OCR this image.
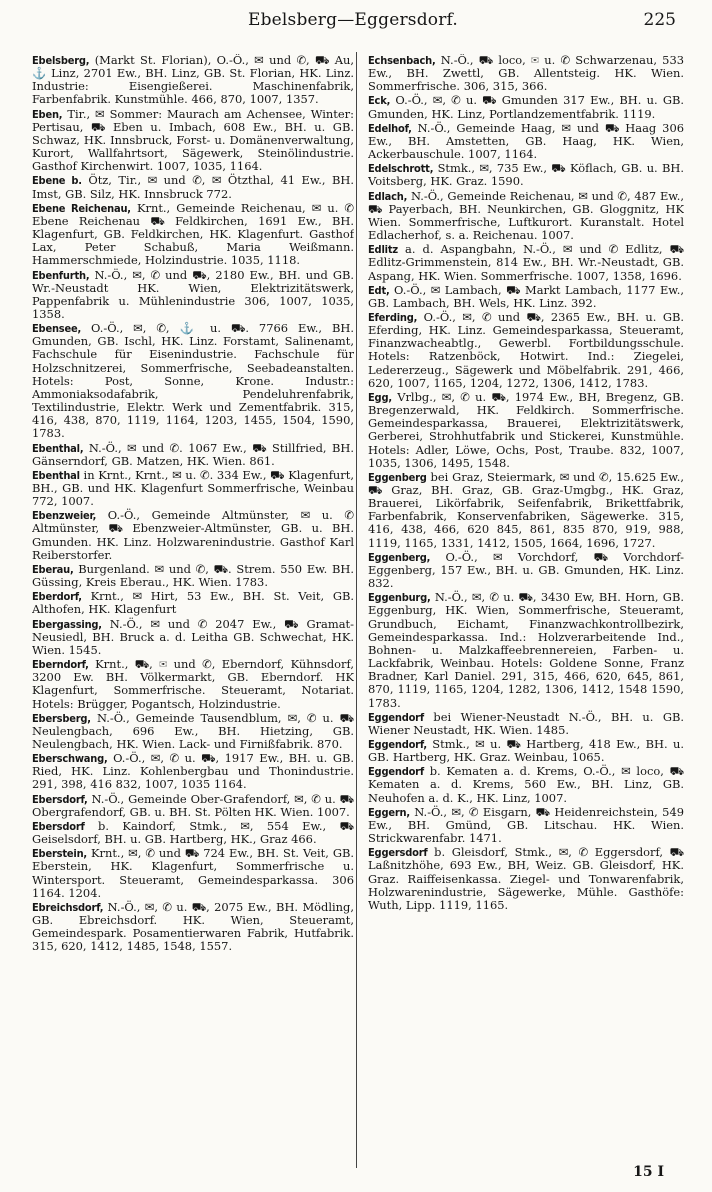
Ebelsberg—Eggersdorf.	225
Ebelsberg, (Markt St. Florian), O.-Ö., ✉ und ✆, ⛟ Au, ⚓ Linz, 2701 Ew., BH. Linz, GB. St. Florian, HK. Linz. Industrie: Eisengießerei. Maschinenfabrik, Farbenfabrik. Kunstmühle. 466, 870, 1007, 1357.
Eben, Tir., ✉ Sommer: Maurach am Achensee, Winter: Pertisau, ⛟ Eben u. Imbach, 608 Ew., BH. u. GB. Schwaz, HK. Innsbruck, Forst- u. Domänenverwaltung, Kurort, Wallfahrtsort, Sägewerk, Steinölindustrie. Gasthof Kirchenwirt. 1007, 1035, 1164.
Ebene b. Ötz, Tir., ✉ und ✆, ✉ Ötzthal, 41 Ew., BH. Imst, GB. Silz, HK. Innsbruck 772.
Ebene Reichenau, Krnt., Gemeinde Reichenau, ✉ u. ✆ Ebene Reichenau ⛟ Feldkirchen, 1691 Ew., BH. Klagenfurt, GB. Feldkirchen, HK. Klagenfurt. Gasthof Lax, Peter Schabuß, Maria Weißmann. Hammerschmiede, Holzindustrie. 1035, 1118.
Ebenfurth, N.-Ö., ✉, ✆ und ⛟, 2180 Ew., BH. und GB. Wr.-Neustadt HK. Wien, Elektrizitätswerk, Pappenfabrik u. Mühlenindustrie 306, 1007, 1035, 1358.
Ebensee, O.-Ö., ✉, ✆, ⚓ u. ⛟. 7766 Ew., BH. Gmunden, GB. Ischl, HK. Linz. Forstamt, Salinenamt, Fachschule für Eisenindustrie. Fachschule für Holzschnitzerei, Sommerfrische, Seebadeanstalten. Hotels: Post, Sonne, Krone. Industr.: Ammoniaksodafabrik, Pendeluhrenfabrik, Textilindustrie, Elektr. Werk und Zementfabrik. 315, 416, 438, 870, 1119, 1164, 1203, 1455, 1504, 1590, 1783.
Ebenthal, N.-Ö., ✉ und ✆. 1067 Ew., ⛟ Stillfried, BH. Gänserndorf, GB. Matzen, HK. Wien. 861.
Ebenthal in Krnt., Krnt., ✉ u. ✆. 334 Ew., ⛟ Klagenfurt, BH., GB. und HK. Klagenfurt Sommerfrische, Weinbau 772, 1007.
Ebenzweier, O.-Ö., Gemeinde Altmünster, ✉ u. ✆ Altmünster, ⛟ Ebenzweier-Altmünster, GB. u. BH. Gmunden. HK. Linz. Holzwarenindustrie. Gasthof Karl Reiberstorfer.
Eberau, Burgenland. ✉ und ✆, ⛟. Strem. 550 Ew. BH. Güssing, Kreis Eberau., HK. Wien. 1783.
Eberdorf, Krnt., ✉ Hirt, 53 Ew., BH. St. Veit, GB. Althofen, HK. Klagenfurt
Ebergassing, N.-Ö., ✉ und ✆ 2047 Ew., ⛟ Gramat-Neusiedl, BH. Bruck a. d. Leitha GB. Schwechat, HK. Wien. 1545.
Eberndorf, Krnt., ⛟, ✉ und ✆, Eberndorf, Kühnsdorf, 3200 Ew. BH. Völkermarkt, GB. Eberndorf. HK Klagenfurt, Sommerfrische. Steueramt, Notariat. Hotels: Brügger, Pogantsch, Holzindustrie.
Ebersberg, N.-Ö., Gemeinde Tausendblum, ✉, ✆ u. ⛟ Neulengbach, 696 Ew., BH. Hietzing, GB. Neulengbach, HK. Wien. Lack- und Firnißfabrik. 870.
Eberschwang, O.-Ö., ✉, ✆ u. ⛟, 1917 Ew., BH. u. GB. Ried, HK. Linz. Kohlenbergbau und Thonindustrie. 291, 398, 416 832, 1007, 1035 1164.
Ebersdorf, N.-Ö., Gemeinde Ober-Grafendorf, ✉, ✆ u. ⛟ Obergrafendorf, GB. u. BH. St. Pölten HK. Wien. 1007.
Ebersdorf b. Kaindorf, Stmk., ✉, 554 Ew., ⛟ Geiselsdorf, BH. u. GB. Hartberg, HK., Graz 466.
Eberstein, Krnt., ✉, ✆ und ⛟ 724 Ew., BH. St. Veit, GB. Eberstein, HK. Klagenfurt, Sommerfrische u. Wintersport. Steueramt, Gemeindesparkassa. 306 1164. 1204.
Ebreichsdorf, N.-Ö., ✉, ✆ u. ⛟, 2075 Ew., BH. Mödling, GB. Ebreichsdorf. HK. Wien, Steueramt, Gemeindespark. Posamentierwaren Fabrik, Hutfabrik. 315, 620, 1412, 1485, 1548, 1557.
Echsenbach, N.-Ö., ⛟ loco, ✉ u. ✆ Schwarzenau, 533 Ew., BH. Zwettl, GB. Allentsteig. HK. Wien. Sommerfrische. 306, 315, 366.
Eck, O.-Ö., ✉, ✆ u. ⛟ Gmunden 317 Ew., BH. u. GB. Gmunden, HK. Linz, Portlandzementfabrik. 1119.
Edelhof, N.-Ö., Gemeinde Haag, ✉ und ⛟ Haag 306 Ew., BH. Amstetten, GB. Haag, HK. Wien, Ackerbauschule. 1007, 1164.
Edelschrott, Stmk., ✉, 735 Ew., ⛟ Köflach, GB. u. BH. Voitsberg, HK. Graz. 1590.
Edlach, N.-Ö., Gemeinde Reichenau, ✉ und ✆, 487 Ew., ⛟ Payerbach, BH. Neunkirchen, GB. Gloggnitz, HK Wien. Sommerfrische, Luftkurort. Kuranstalt. Hotel Edlacherhof, s. a. Reichenau. 1007.
Edlitz a. d. Aspangbahn, N.-Ö., ✉ und ✆ Edlitz, ⛟ Edlitz-Grimmenstein, 814 Ew., BH. Wr.-Neustadt, GB. Aspang, HK. Wien. Sommerfrische. 1007, 1358, 1696.
Edt, O.-Ö., ✉ Lambach, ⛟ Markt Lambach, 1177 Ew., GB. Lambach, BH. Wels, HK. Linz. 392.
Eferding, O.-Ö., ✉, ✆ und ⛟, 2365 Ew., BH. u. GB. Eferding, HK. Linz. Gemeindesparkassa, Steueramt, Finanzwacheabtlg., Gewerbl. Fortbildungsschule. Hotels: Ratzenböck, Hotwirt. Ind.: Ziegelei, Ledererzeug., Sägewerk und Möbelfabrik. 291, 466, 620, 1007, 1165, 1204, 1272, 1306, 1412, 1783.
Egg, Vrlbg., ✉, ✆ u. ⛟, 1974 Ew., BH, Bregenz, GB. Bregenzerwald, HK. Feldkirch. Sommerfrische. Gemeindesparkassa, Brauerei, Elektrizitätswerk, Gerberei, Strohhutfabrik und Stickerei, Kunstmühle. Hotels: Adler, Löwe, Ochs, Post, Traube. 832, 1007, 1035, 1306, 1495, 1548.
Eggenberg bei Graz, Steiermark, ✉ und ✆, 15.625 Ew., ⛟ Graz, BH. Graz, GB. Graz-Umgbg., HK. Graz, Brauerei, Likörfabrik, Seifenfabrik, Brikettfabrik, Farbenfabrik, Konservenfabriken, Sägewerke. 315, 416, 438, 466, 620 845, 861, 835 870, 919, 988, 1119, 1165, 1331, 1412, 1505, 1664, 1696, 1727.
Eggenberg, O.-Ö., ✉ Vorchdorf, ⛟ Vorchdorf-Eggenberg, 157 Ew., BH. u. GB. Gmunden, HK. Linz. 832.
Eggenburg, N.-Ö., ✉, ✆ u. ⛟, 3430 Ew, BH. Horn, GB. Eggenburg, HK. Wien, Sommerfrische, Steueramt, Grundbuch, Eichamt, Finanzwachkontrollbezirk, Gemeindesparkassa. Ind.: Holzverarbeitende Ind., Bohnen- u. Malzkaffeebrennereien, Farben- u. Lackfabrik, Weinbau. Hotels: Goldene Sonne, Franz Bradner, Karl Daniel. 291, 315, 466, 620, 645, 861, 870, 1119, 1165, 1204, 1282, 1306, 1412, 1548 1590, 1783.
Eggendorf bei Wiener-Neustadt N.-Ö., BH. u. GB. Wiener Neustadt, HK. Wien. 1485.
Eggendorf, Stmk., ✉ u. ⛟ Hartberg, 418 Ew., BH. u. GB. Hartberg, HK. Graz. Weinbau, 1065.
Eggendorf b. Kematen a. d. Krems, O.-Ö., ✉ loco, ⛟ Kematen a. d. Krems, 560 Ew., BH. Linz, GB. Neuhofen a. d. K., HK. Linz, 1007.
Eggern, N.-Ö., ✉, ✆ Eisgarn, ⛟ Heidenreichstein, 549 Ew., BH. Gmünd, GB. Litschau. HK. Wien. Strickwarenfabr. 1471.
Eggersdorf b. Gleisdorf, Stmk., ✉, ✆ Eggersdorf, ⛟ Laßnitzhöhe, 693 Ew., BH, Weiz. GB. Gleisdorf, HK. Graz. Raiffeisenkassa. Ziegel- und Tonwarenfabrik, Holzwarenindustrie, Sägewerke, Mühle. Gasthöfe: Wuth, Lipp. 1119, 1165.
15 I
